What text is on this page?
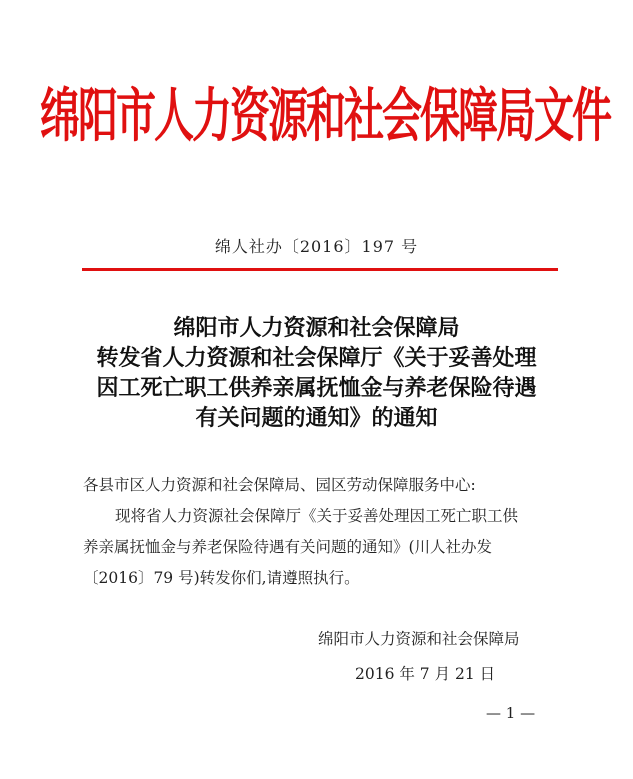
绵阳市人力资源和社会保障局文件
绵人社办〔2016〕197 号
绵阳市人力资源和社会保障局
转发省人力资源和社会保障厅《关于妥善处理
因工死亡职工供养亲属抚恤金与养老保险待遇
有关问题的通知》的通知
各县市区人力资源和社会保障局、园区劳动保障服务中心:
现将省人力资源社会保障厅《关于妥善处理因工死亡职工供
养亲属抚恤金与养老保险待遇有关问题的通知》(川人社办发
〔2016〕79 号)转发你们,请遵照执行。
绵阳市人力资源和社会保障局
2016 年 7 月 21 日
— 1 —
